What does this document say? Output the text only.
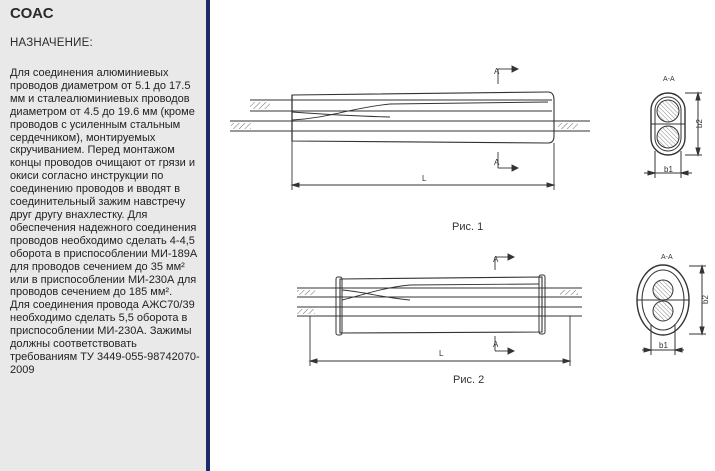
СОАС
НАЗНАЧЕНИЕ:

Для соединения алюминиевых проводов диаметром от 5.1 до 17.5 мм и сталеалюминиевых проводов диаметром от 4.5 до 19.6 мм (кроме проводов с усиленным стальным сердечником), монтируемых скручиванием. Перед монтажом концы проводов очищают от грязи и окиси согласно инструкции по соединению проводов и вводят в соединительный зажим навстречу друг другу внахлестку. Для обеспечения надежного соединения проводов необходимо сделать 4-4,5 оборота в приспособлении МИ-189А для проводов сечением до 35 мм² или в приспособлении МИ-230А для проводов сечением до 185 мм².

Для соединения провода АЖС70/39 необходимо сделать 5,5 оборота в приспособлении МИ-230А. Зажимы должны соответствовать требованиям ТУ 3449-055-98742070-2009

A
A
L
A-A
b2
b1
A
A
L
A-A
b2
b1
Рис. 1
Рис. 2
